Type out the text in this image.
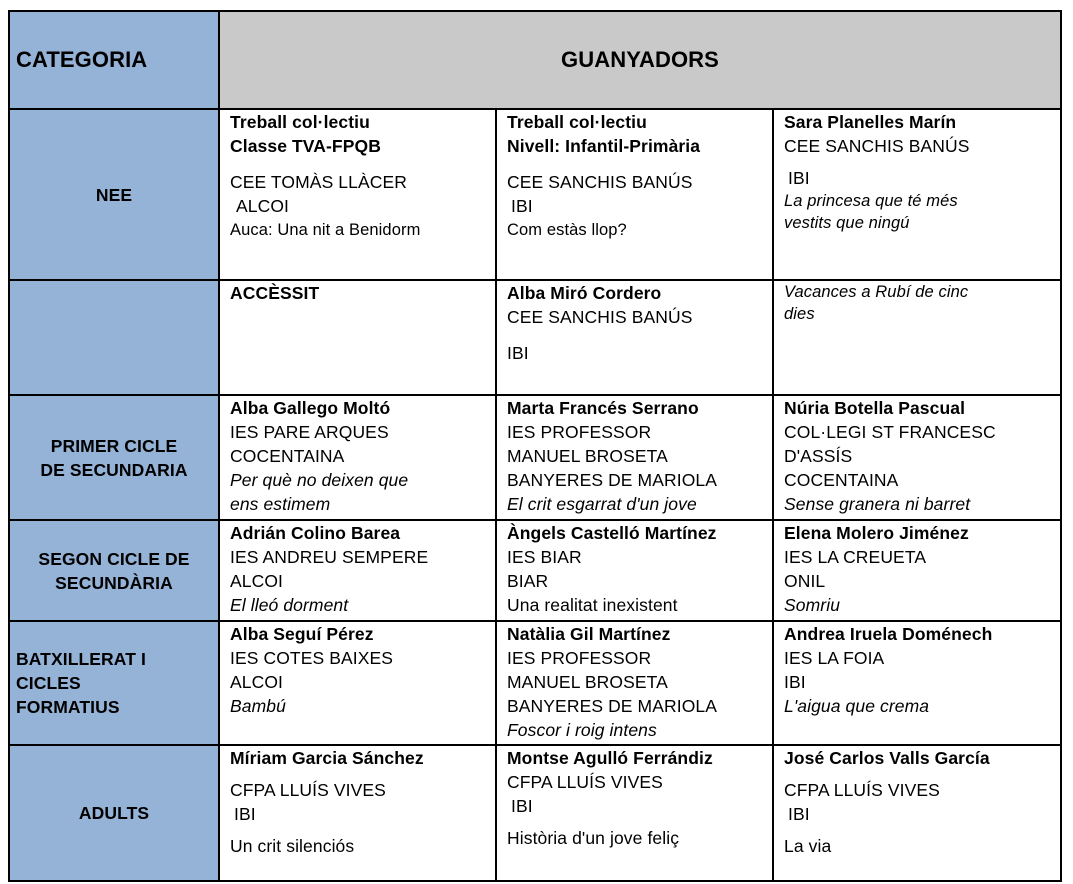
CATEGORIA	GUANYADORS		

NEE	Treball col·lectiu
Classe TVA-FPQB
CEE TOMÀS LLÀCER
ALCOI
Auca: Una nit a Benidorm	Treball col·lectiu
Nivell: Infantil-Primària
CEE SANCHIS BANÚS
IBI
Com estàs llop?	Sara Planelles Marín
CEE SANCHIS BANÚS
IBI
La princesa que té més
vestits que ningú

	ACCÈSSIT	Alba Miró Cordero
CEE SANCHIS BANÚS
IBI	Vacances a Rubí de cinc
dies

PRIMER CICLE
DE SECUNDARIA	Alba Gallego Moltó
IES PARE ARQUES
COCENTAINA
Per què no deixen que
ens estimem	Marta Francés Serrano
IES PROFESSOR
MANUEL BROSETA
BANYERES DE MARIOLA
El crit esgarrat d'un jove	Núria Botella Pascual
COL·LEGI ST FRANCESC
D'ASSÍS
COCENTAINA
Sense granera ni barret

SEGON CICLE DE
SECUNDÀRIA	Adrián Colino Barea
IES ANDREU SEMPERE
ALCOI
El lleó dorment	Àngels Castelló Martínez
IES BIAR
BIAR
Una realitat inexistent	Elena Molero Jiménez
IES LA CREUETA
ONIL
Somriu

BATXILLERAT I
CICLES
FORMATIUS	Alba Seguí Pérez
IES COTES BAIXES
ALCOI
Bambú	Natàlia Gil Martínez
IES PROFESSOR
MANUEL BROSETA
BANYERES DE MARIOLA
Foscor i roig intens	Andrea Iruela Doménech
IES LA FOIA
IBI
L'aigua que crema

ADULTS	Míriam Garcia Sánchez
CFPA LLUÍS VIVES
IBI
Un crit silenciós	Montse Agulló Ferrándiz
CFPA LLUÍS VIVES
IBI
Història d'un jove feliç	José Carlos Valls García
CFPA LLUÍS VIVES
IBI
La via
